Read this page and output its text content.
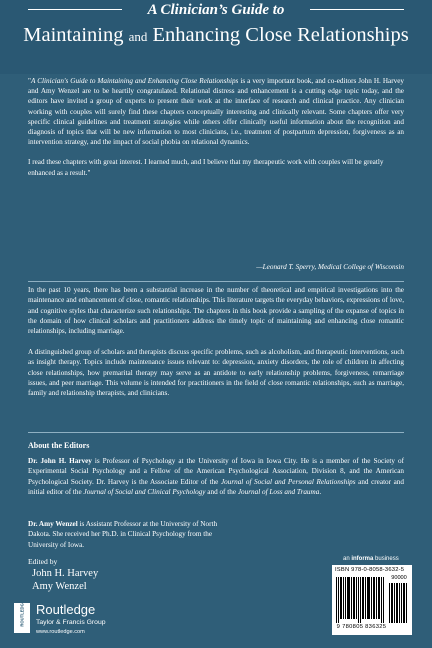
A Clinician’s Guide to
Maintaining and Enhancing Close Relationships
"A Clinician's Guide to Maintaining and Enhancing Close Relationships is a very important book, and co-editors John H. Harvey and Amy Wenzel are to be heartily congratulated. Relational distress and enhancement is a cutting edge topic today, and the editors have invited a group of experts to present their work at the interface of research and clinical practice. Any clinician working with couples will surely find these chapters conceptually interesting and clinically relevant. Some chapters offer very specific clinical guidelines and treatment strategies while others offer clinically useful information about the recognition and diagnosis of topics that will be new information to most clinicians, i.e., treatment of postpartum depression, forgiveness as an intervention strategy, and the impact of social phobia on relational dynamics.
I read these chapters with great interest. I learned much, and I believe that my therapeutic work with couples will be greatly enhanced as a result."
—Leonard T. Sperry, Medical College of Wisconsin
In the past 10 years, there has been a substantial increase in the number of theoretical and empirical investigations into the maintenance and enhancement of close, romantic relationships. This literature targets the everyday behaviors, expressions of love, and cognitive styles that characterize such relationships. The chapters in this book provide a sampling of the expanse of topics in the domain of how clinical scholars and practitioners address the timely topic of maintaining and enhancing close romantic relationships, including marriage.
A distinguished group of scholars and therapists discuss specific problems, such as alcoholism, and therapeutic interventions, such as insight therapy. Topics include maintenance issues relevant to: depression, anxiety disorders, the role of children in affecting close relationships, how premarital therapy may serve as an antidote to early relationship problems, forgiveness, remarriage issues, and peer marriage. This volume is intended for practitioners in the field of close romantic relationships, such as marriage, family and relationship therapists, and clinicians.
About the Editors
Dr. John H. Harvey is Professor of Psychology at the University of Iowa in Iowa City. He is a member of the Society of Experimental Social Psychology and a Fellow of the American Psychological Association, Division 8, and the American Psychological Society. Dr. Harvey is the Associate Editor of the Journal of Social and Personal Relationships and creator and initial editor of the Journal of Social and Clinical Psychology and of the Journal of Loss and Trauma.
Dr. Amy Wenzel is Assistant Professor at the University of North Dakota. She received her Ph.D. in Clinical Psychology from the University of Iowa.
Edited by
John H. Harvey
Amy Wenzel
ROUTLEDGE Routledge
Taylor & Francis Group
www.routledge.com
an informa business
ISBN 978-0-8058-3632-5
90000
9 780805 836325
